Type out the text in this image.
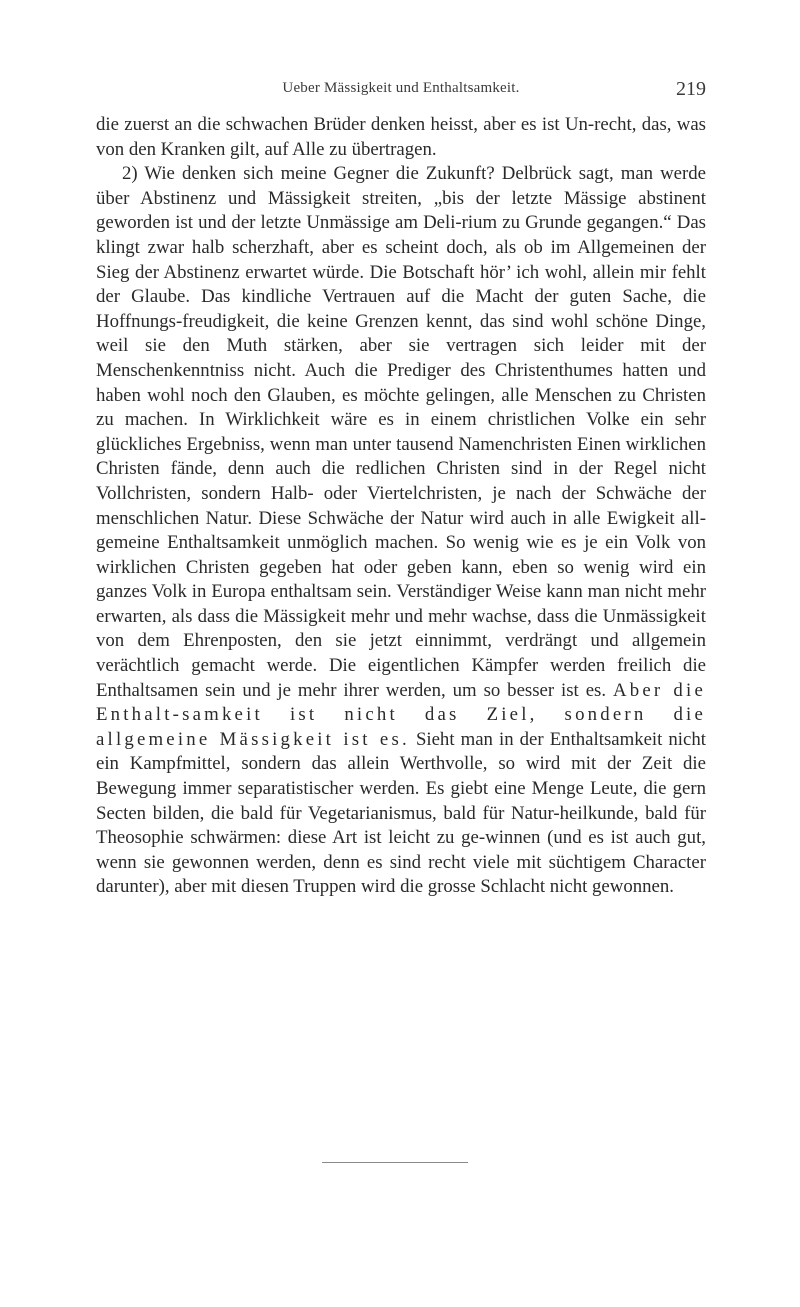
Ueber Mässigkeit und Enthaltsamkeit.	219

die zuerst an die schwachen Brüder denken heisst, aber es ist Un-recht, das, was von den Kranken gilt, auf Alle zu übertragen.

2) Wie denken sich meine Gegner die Zukunft? Delbrück sagt, man werde über Abstinenz und Mässigkeit streiten, „bis der letzte Mässige abstinent geworden ist und der letzte Unmässige am Deli-rium zu Grunde gegangen.“ Das klingt zwar halb scherzhaft, aber es scheint doch, als ob im Allgemeinen der Sieg der Abstinenz erwartet würde. Die Botschaft hör’ ich wohl, allein mir fehlt der Glaube. Das kindliche Vertrauen auf die Macht der guten Sache, die Hoffnungs-freudigkeit, die keine Grenzen kennt, das sind wohl schöne Dinge, weil sie den Muth stärken, aber sie vertragen sich leider mit der Menschenkenntniss nicht. Auch die Prediger des Christenthumes hatten und haben wohl noch den Glauben, es möchte gelingen, alle Menschen zu Christen zu machen. In Wirklichkeit wäre es in einem christlichen Volke ein sehr glückliches Ergebniss, wenn man unter tausend Namenchristen Einen wirklichen Christen fände, denn auch die redlichen Christen sind in der Regel nicht Vollchristen, sondern Halb- oder Viertelchristen, je nach der Schwäche der menschlichen Natur. Diese Schwäche der Natur wird auch in alle Ewigkeit all-gemeine Enthaltsamkeit unmöglich machen. So wenig wie es je ein Volk von wirklichen Christen gegeben hat oder geben kann, eben so wenig wird ein ganzes Volk in Europa enthaltsam sein. Verständiger Weise kann man nicht mehr erwarten, als dass die Mässigkeit mehr und mehr wachse, dass die Unmässigkeit von dem Ehrenposten, den sie jetzt einnimmt, verdrängt und allgemein verächtlich gemacht werde. Die eigentlichen Kämpfer werden freilich die Enthaltsamen sein und je mehr ihrer werden, um so besser ist es. Aber die Enthalt-samkeit ist nicht das Ziel, sondern die allgemeine Mässigkeit ist es. Sieht man in der Enthaltsamkeit nicht ein Kampfmittel, sondern das allein Werthvolle, so wird mit der Zeit die Bewegung immer separatistischer werden. Es giebt eine Menge Leute, die gern Secten bilden, die bald für Vegetarianismus, bald für Natur-heilkunde, bald für Theosophie schwärmen: diese Art ist leicht zu ge-winnen (und es ist auch gut, wenn sie gewonnen werden, denn es sind recht viele mit süchtigem Character darunter), aber mit diesen Truppen wird die grosse Schlacht nicht gewonnen.
